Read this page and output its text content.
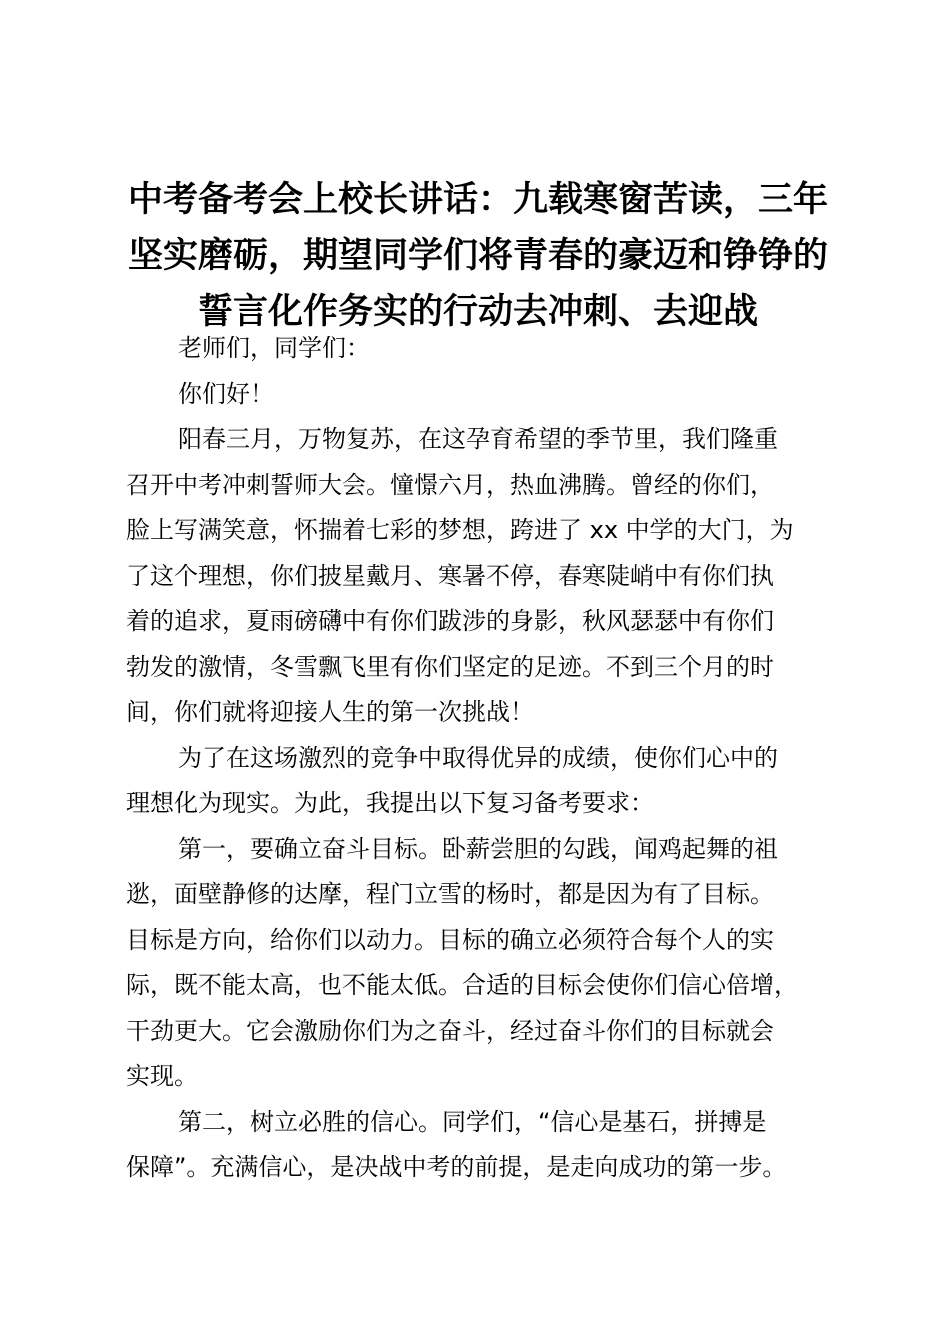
中考备考会上校长讲话：九载寒窗苦读，三年
坚实磨砺，期望同学们将青春的豪迈和铮铮的
誓言化作务实的行动去冲刺、去迎战

老师们，同学们：

你们好！

阳春三月，万物复苏，在这孕育希望的季节里，我们隆重
召开中考冲刺誓师大会。憧憬六月，热血沸腾。曾经的你们，
脸上写满笑意，怀揣着七彩的梦想，跨进了 xx 中学的大门，为
了这个理想，你们披星戴月、寒暑不停，春寒陡峭中有你们执
着的追求，夏雨磅礴中有你们跋涉的身影，秋风瑟瑟中有你们
勃发的激情，冬雪飘飞里有你们坚定的足迹。不到三个月的时
间，你们就将迎接人生的第一次挑战！

为了在这场激烈的竞争中取得优异的成绩，使你们心中的
理想化为现实。为此，我提出以下复习备考要求：

第一，要确立奋斗目标。卧薪尝胆的勾践，闻鸡起舞的祖
逖，面壁静修的达摩，程门立雪的杨时，都是因为有了目标。
目标是方向，给你们以动力。目标的确立必须符合每个人的实
际，既不能太高，也不能太低。合适的目标会使你们信心倍增，
干劲更大。它会激励你们为之奋斗，经过奋斗你们的目标就会
实现。

第二，树立必胜的信心。同学们，“信心是基石，拼搏是
保障”。充满信心，是决战中考的前提，是走向成功的第一步。
